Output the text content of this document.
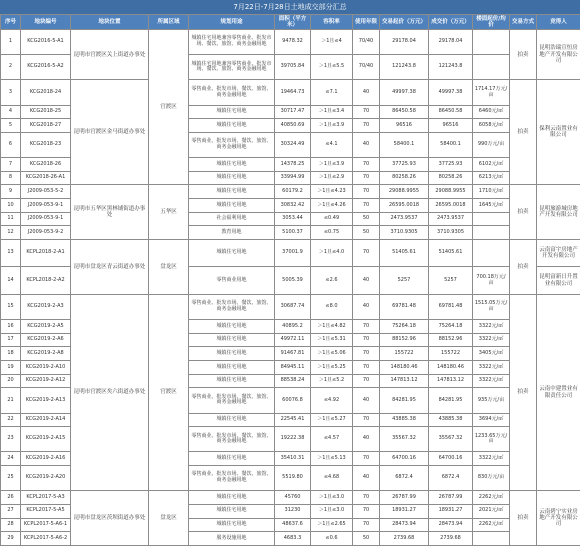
7月22日-7月28日土地成交部分汇总
序号	地块编号	地块位置	所属区域	规划用途	面积（平方米）	容积率	使用年限	交易起价（万元）	成交价（万元）	楼面起价/均价	交易方式	竞得人
1	KCG2016-5-A1	昆明市官渡区关上街道办事处	官渡区	城镇住宅用地兼容零售商业、批发市场、餐饮、旅馆、商务金融用地	9478.32	＞1且≤4	70/40	29178.04	29178.04		拍卖	昆明浩瑞宣恒房地产开发有限公司
2	KCG2016-5-A2			城镇住宅用地兼容零售商业、批发市场、餐饮、旅馆、商务金融用地	39705.84	＞1且≤5.5	70/40	121243.8	121243.8			
3	KCG2018-24	昆明市官渡区金马街道办事处		零售商业、批发市场、餐饮、旅馆、商务金融用地	19464.73	≤7.1	40	49997.38	49997.38	1714.17万元/亩	拍卖	保利云南置业有限公司
4	KCG2018-25			城镇住宅用地	30717.47	＞1且≤3.4	70	86450.58	86450.58	6460元/㎡		
5	KCG2018-27			城镇住宅用地	40850.69	＞1且≤3.9	70	96516	96516	6058元/㎡		
6	KCG2018-23			零售商业、批发市场、餐饮、旅馆、商务金融用地	30324.49	≤4.1	40	58400.1	58400.1	990万元/亩		
7	KCG2018-26			城镇住宅用地	14378.25	＞1且≤3.9	70	37725.93	37725.93	6102元/㎡		
8	KCG2018-26-A1			城镇住宅用地	33994.99	＞1且≤2.9	70	80258.26	80258.26	6213元/㎡		
9	J2009-053-5-2	昆明市五华区黑林铺街道办事处	五华区	城镇住宅用地	60179.2	＞1且≤4.23	70	29088.9955	29088.9955	1710元/㎡	拍卖	昆明旅游城房地产开发有限公司
10	J2009-053-9-1			城镇住宅用地	30832.42	＞1且≤4.26	70	26595.0018	26595.0018	1645元/㎡		
11	J2009-053-9-1			社会福利用地	3053.44	≤0.49	50	2473.9537	2473.9537			
12	J2009-053-9-2			教育用地	5100.37	≤0.75	50	3710.9305	3710.9305			
13	KCPL2018-2-A1	昆明市盘龙区青云街道办事处	盘龙区	城镇住宅用地	37001.9	＞1且≤4.0	70	51405.61	51405.61		拍卖	云南富宇房地产开发有限公司
14	KCPL2018-2-A2			零售商业用地	5005.39	≤2.6	40	5257	5257	700.18万元/亩		昆明富新日升置业有限公司
15	KCG2019-2-A3	昆明市官渡区矣六街道办事处	官渡区	零售商业、批发市场、餐饮、旅馆、商务金融用地	30687.74	≤8.0	40	69781.48	69781.48	1515.05万元/亩	拍卖	云南中建置业有限责任公司
16	KCG2019-2-A5			城镇住宅用地	40895.2	＞1且≤4.82	70	75264.18	75264.18	3322元/㎡		
17	KCG2019-2-A6			城镇住宅用地	49972.11	＞1且≤5.31	70	88152.96	88152.96	3322元/㎡		
18	KCG2019-2-A8			城镇住宅用地	91467.81	＞1且≤5.06	70	155722	155722	3405元/㎡		
19	KCG2019-2-A10			城镇住宅用地	84945.11	＞1且≤5.25	70	148180.46	148180.46	3322元/㎡		
20	KCG2019-2-A12			城镇住宅用地	88538.24	＞1且≤5.2	70	147813.12	147813.12	3322元/㎡		
21	KCG2019-2-A13			零售商业、批发市场、餐饮、旅馆、商务金融用地	60076.8	≤4.92	40	84281.95	84281.95	935万元/亩		
22	KCG2019-2-A14			城镇住宅用地	22545.41	＞1且≤5.27	70	43885.38	43885.38	3694元/㎡		
23	KCG2019-2-A15			零售商业、批发市场、餐饮、旅馆、商务金融用地	19222.38	≤4.57	40	35567.32	35567.32	1233.65万元/亩		
24	KCG2019-2-A16			城镇住宅用地	35410.31	＞1且≤5.13	70	64700.16	64700.16	3322元/㎡		
25	KCG2019-2-A20			零售商业、批发市场、餐饮、旅馆、商务金融用地	5519.80	≤4.68	40	6872.4	6872.4	830万元/亩		
26	KCPL2017-5-A3	昆明市盘龙区茨坝街道办事处	盘龙区	城镇住宅用地	45760	＞1且≤3.0	70	26787.99	26787.99	2262元/㎡	拍卖	云南碧宁实业房地产开发有限公司
27	KCPL2017-5-A5			城镇住宅用地	31230	＞1且≤3.0	70	18931.27	18931.27	2021元/㎡		
28	KCPL2017-5-A6-1			城镇住宅用地	48637.6	＞1且≤2.65	70	28473.94	28473.94	2262元/㎡		
29	KCPL2017-5-A6-2			服务设施用地	4683.3	≤0.6	50	2739.68	2739.68			
